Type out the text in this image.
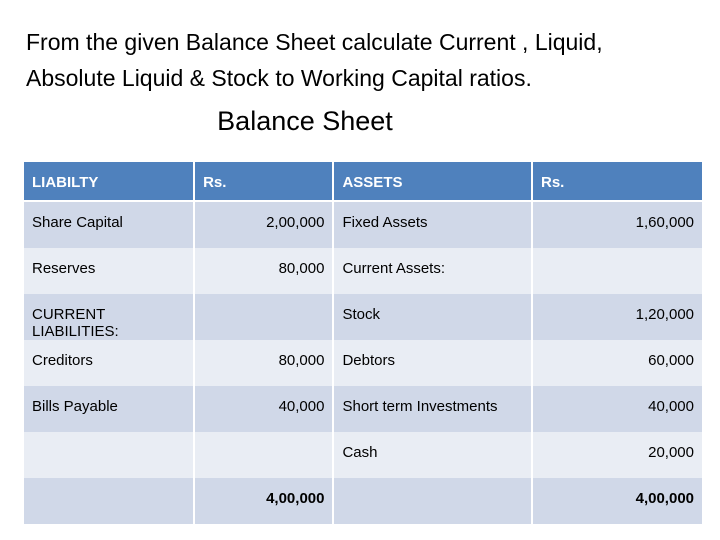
From the given Balance Sheet calculate Current , Liquid,
Absolute Liquid & Stock to Working Capital ratios.
Balance Sheet
LIABILTY	Rs.	ASSETS	Rs.
Share Capital	2,00,000	Fixed Assets	1,60,000
Reserves	80,000	Current Assets:	
CURRENT LIABILITIES:		Stock	1,20,000
Creditors	80,000	Debtors	60,000
Bills Payable	40,000	Short term Investments	40,000
		Cash	20,000
	4,00,000		4,00,000
